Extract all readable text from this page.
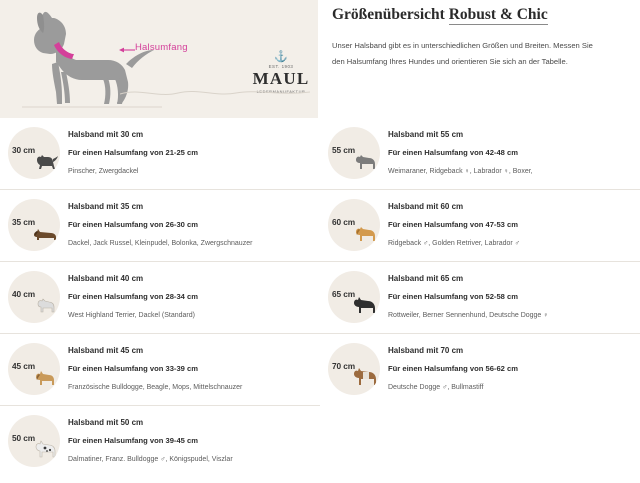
Halsumfang
⚓
EST. 1903
MAUL
LEDERMANUFAKTUR
Größenübersicht Robust & Chic
Unser Halsband gibt es in unterschiedlichen Größen und Breiten. Messen Sie
den Halsumfang Ihres Hundes und orientieren Sie sich an der Tabelle.
30 cm
Halsband mit 30 cm
Für einen Halsumfang von 21-25 cm
Pinscher, Zwergdackel
35 cm
Halsband mit 35 cm
Für einen Halsumfang von 26-30 cm
Dackel, Jack Russel, Kleinpudel, Bolonka, Zwergschnauzer
40 cm
Halsband mit 40 cm
Für einen Halsumfang von 28-34 cm
West Highland Terrier, Dackel (Standard)
45 cm
Halsband mit 45 cm
Für einen Halsumfang von 33-39 cm
Französische Bulldogge, Beagle, Mops, Mittelschnauzer
50 cm
Halsband mit 50 cm
Für einen Halsumfang von 39-45 cm
Dalmatiner, Franz. Bulldogge ♂, Königspudel, Viszlar
55 cm
Halsband mit 55 cm
Für einen Halsumfang von 42-48 cm
Weimaraner, Ridgeback ♀, Labrador ♀, Boxer,
60 cm
Halsband mit 60 cm
Für einen Halsumfang von 47-53 cm
Ridgeback ♂, Golden Retriver, Labrador ♂
65 cm
Halsband mit 65 cm
Für einen Halsumfang von 52-58 cm
Rottweiler, Berner Sennenhund, Deutsche Dogge ♀
70 cm
Halsband mit 70 cm
Für einen Halsumfang von 56-62 cm
Deutsche Dogge ♂, Bullmastiff
